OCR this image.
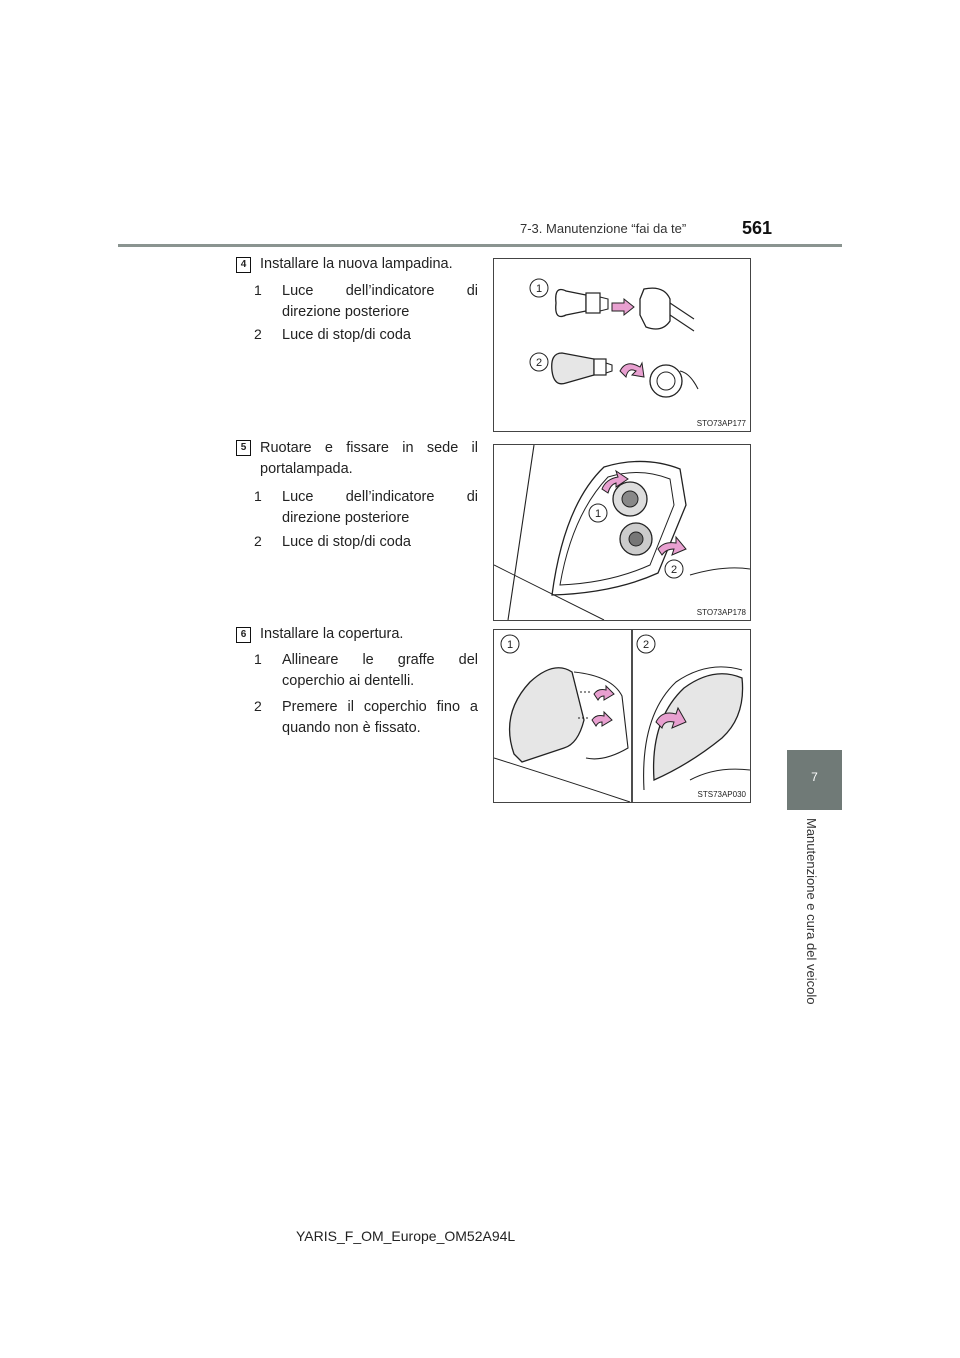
7-3. Manutenzione “fai da te”	561
7
Manutenzione e cura del veicolo
4 Installare la nuova lampadina.
1 Luce dell’indicatore di direzione posteriore
2 Luce di stop/di coda
1
2
STO73AP177
5 Ruotare e fissare in sede il portalampada.
1 Luce dell’indicatore di direzione posteriore
2 Luce di stop/di coda
1
2
STO73AP178
6 Installare la copertura.
1 Allineare le graffe del coperchio ai dentelli.
2 Premere il coperchio fino a quando non è fissato.
1	2
STS73AP030
YARIS_F_OM_Europe_OM52A94L
